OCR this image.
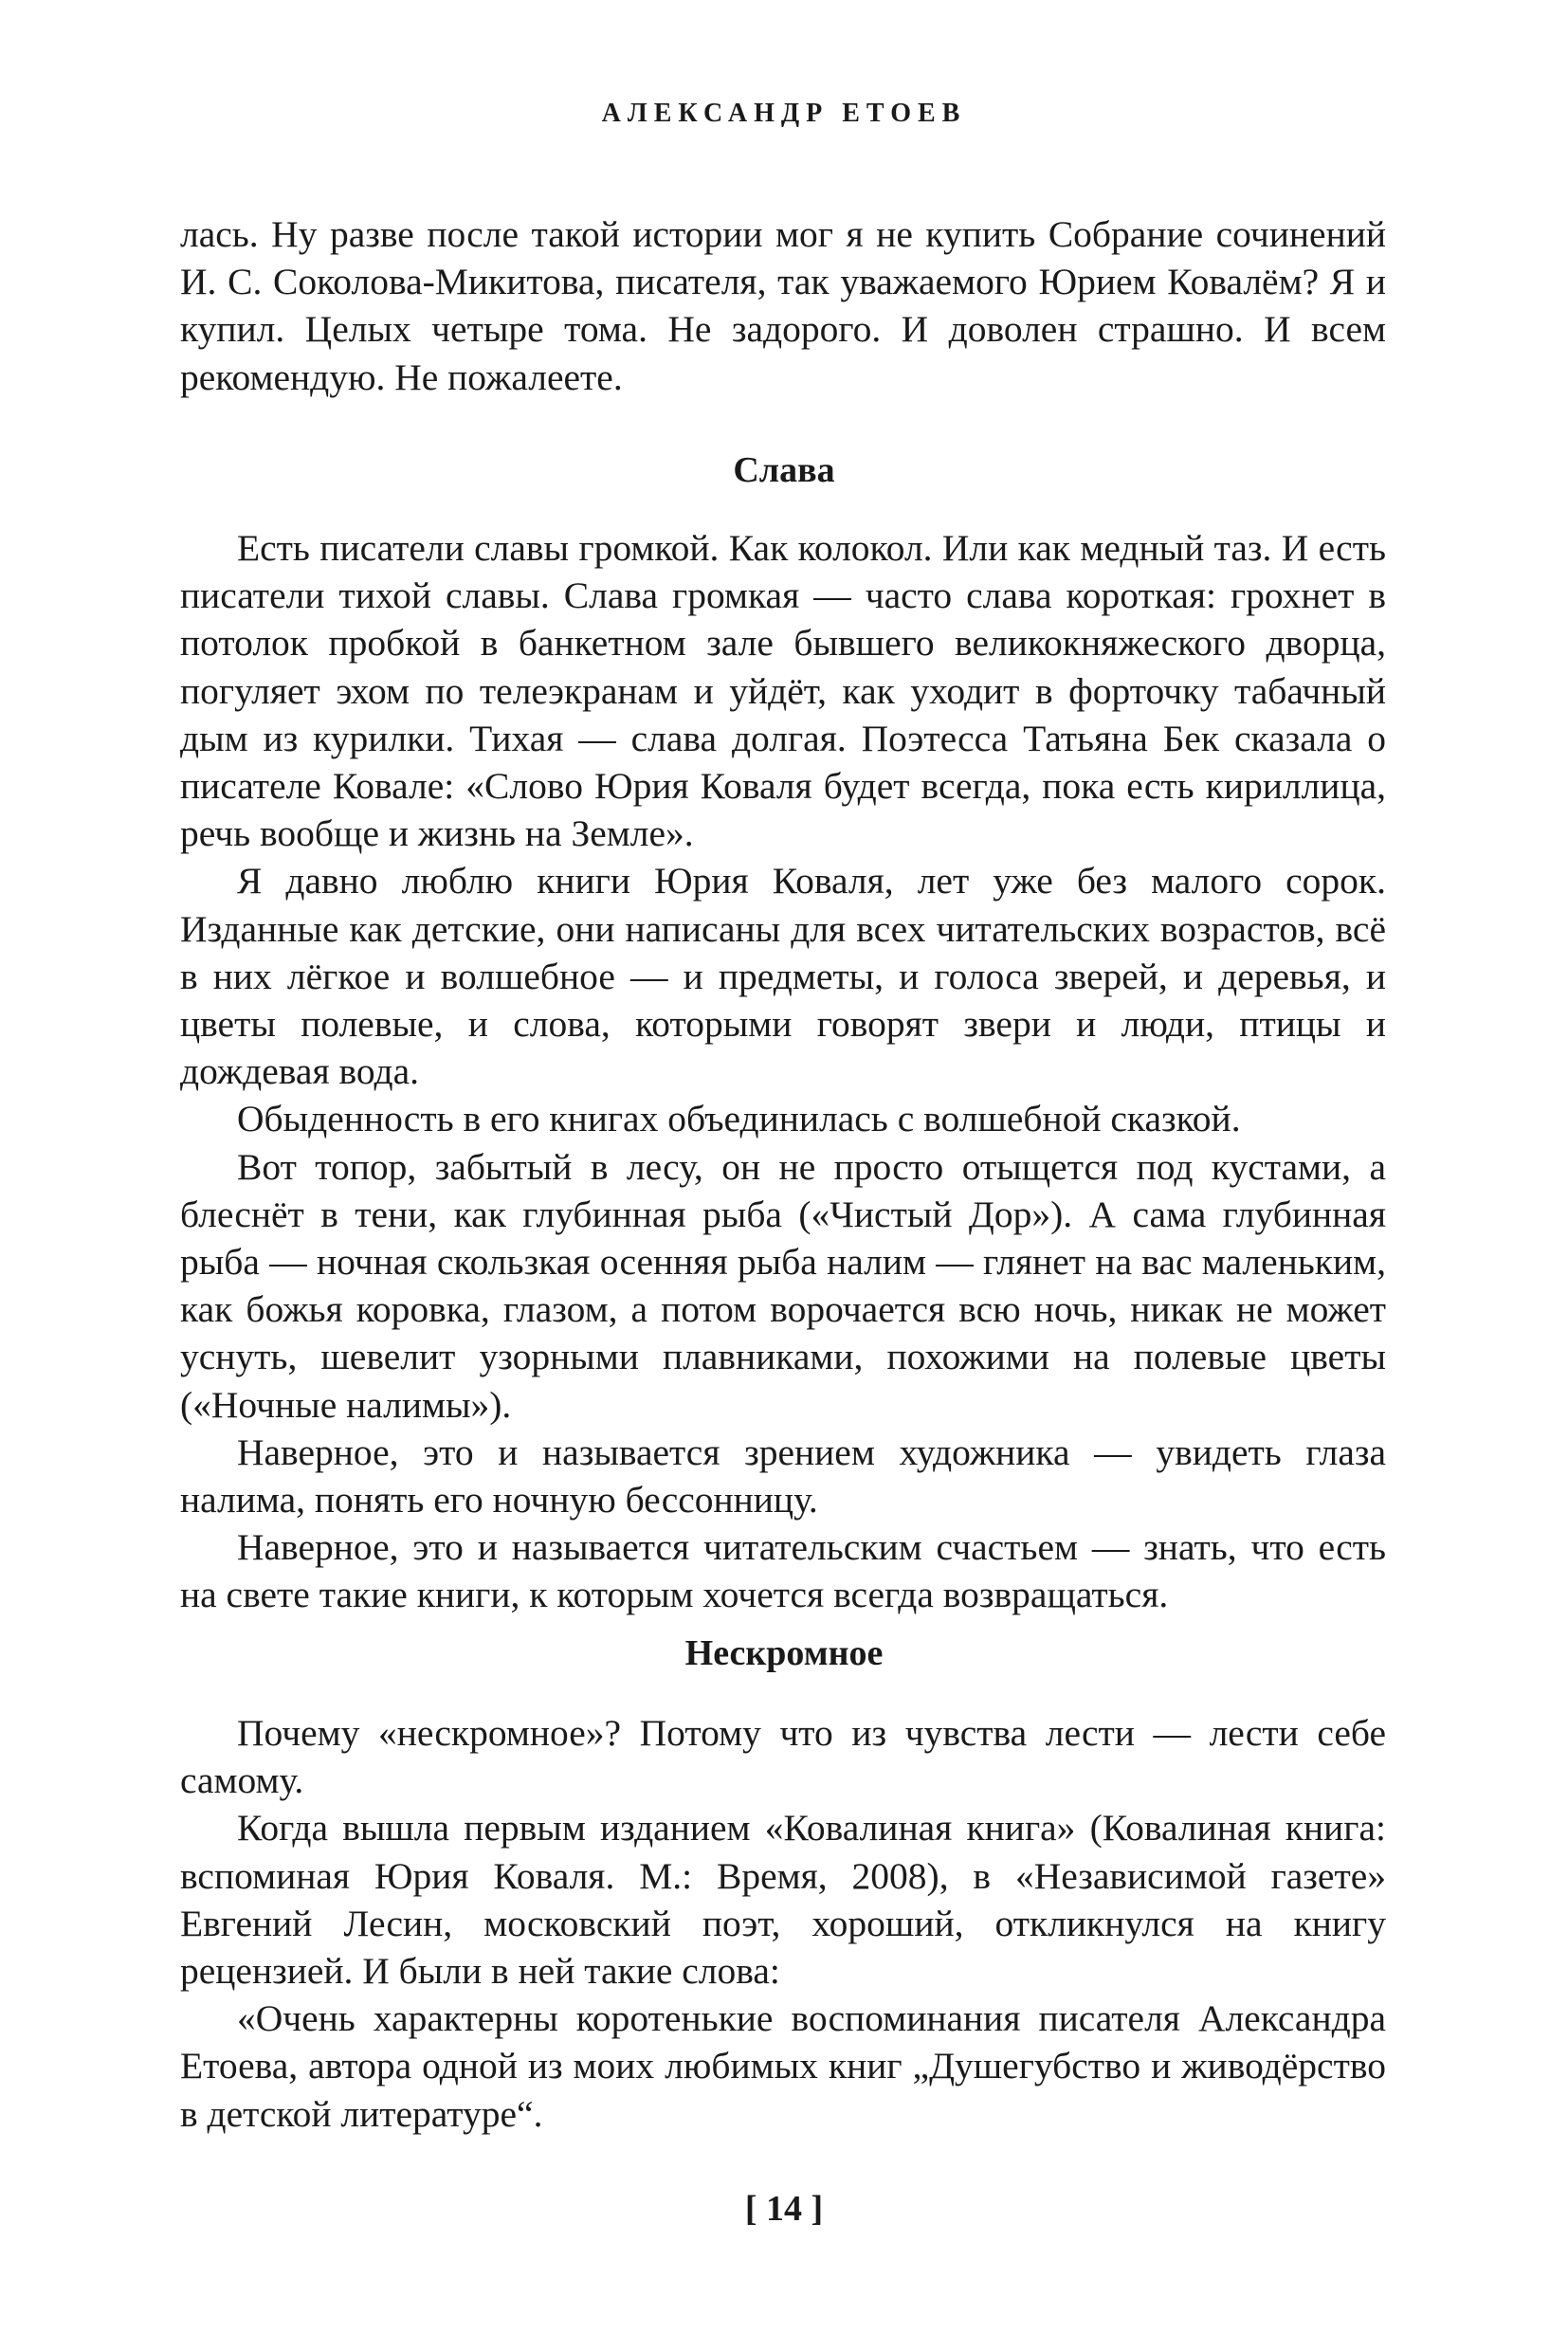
АЛЕКСАНДР ЕТОЕВ

лась. Ну разве после такой истории мог я не купить Собрание сочинений И. С. Соколова-Микитова, писателя, так уважаемого Юрием Ковалём? Я и купил. Целых четыре тома. Не задорого. И доволен страшно. И всем рекомендую. Не пожалеете.

Слава

Есть писатели славы громкой. Как колокол. Или как медный таз. И есть писатели тихой славы. Слава громкая — часто слава короткая: грохнет в потолок пробкой в банкетном зале бывшего великокняжеского дворца, погуляет эхом по телеэкранам и уйдёт, как уходит в форточку табачный дым из курилки. Тихая — слава долгая. Поэтесса Татьяна Бек сказала о писателе Ковале: «Слово Юрия Коваля будет всегда, пока есть кириллица, речь вообще и жизнь на Земле».

Я давно люблю книги Юрия Коваля, лет уже без малого сорок. Изданные как детские, они написаны для всех читательских возрастов, всё в них лёгкое и волшебное — и предметы, и голоса зверей, и деревья, и цветы полевые, и слова, которыми говорят звери и люди, птицы и дождевая вода.

Обыденность в его книгах объединилась с волшебной сказкой.

Вот топор, забытый в лесу, он не просто отыщется под кустами, а блеснёт в тени, как глубинная рыба («Чистый Дор»). А сама глубинная рыба — ночная скользкая осенняя рыба налим — глянет на вас маленьким, как божья коровка, глазом, а потом ворочается всю ночь, никак не может уснуть, шевелит узорными плавниками, похожими на полевые цветы («Ночные налимы»).

Наверное, это и называется зрением художника — увидеть глаза налима, понять его ночную бессонницу.

Наверное, это и называется читательским счастьем — знать, что есть на свете такие книги, к которым хочется всегда возвращаться.

Нескромное

Почему «нескромное»? Потому что из чувства лести — лести себе самому.

Когда вышла первым изданием «Ковалиная книга» (Ковалиная книга: вспоминая Юрия Коваля. М.: Время, 2008), в «Независимой газете» Евгений Лесин, московский поэт, хороший, откликнулся на книгу рецензией. И были в ней такие слова:

«Очень характерны коротенькие воспоминания писателя Александра Етоева, автора одной из моих любимых книг „Душегубство и живодёрство в детской литературе“.

[ 14 ]
